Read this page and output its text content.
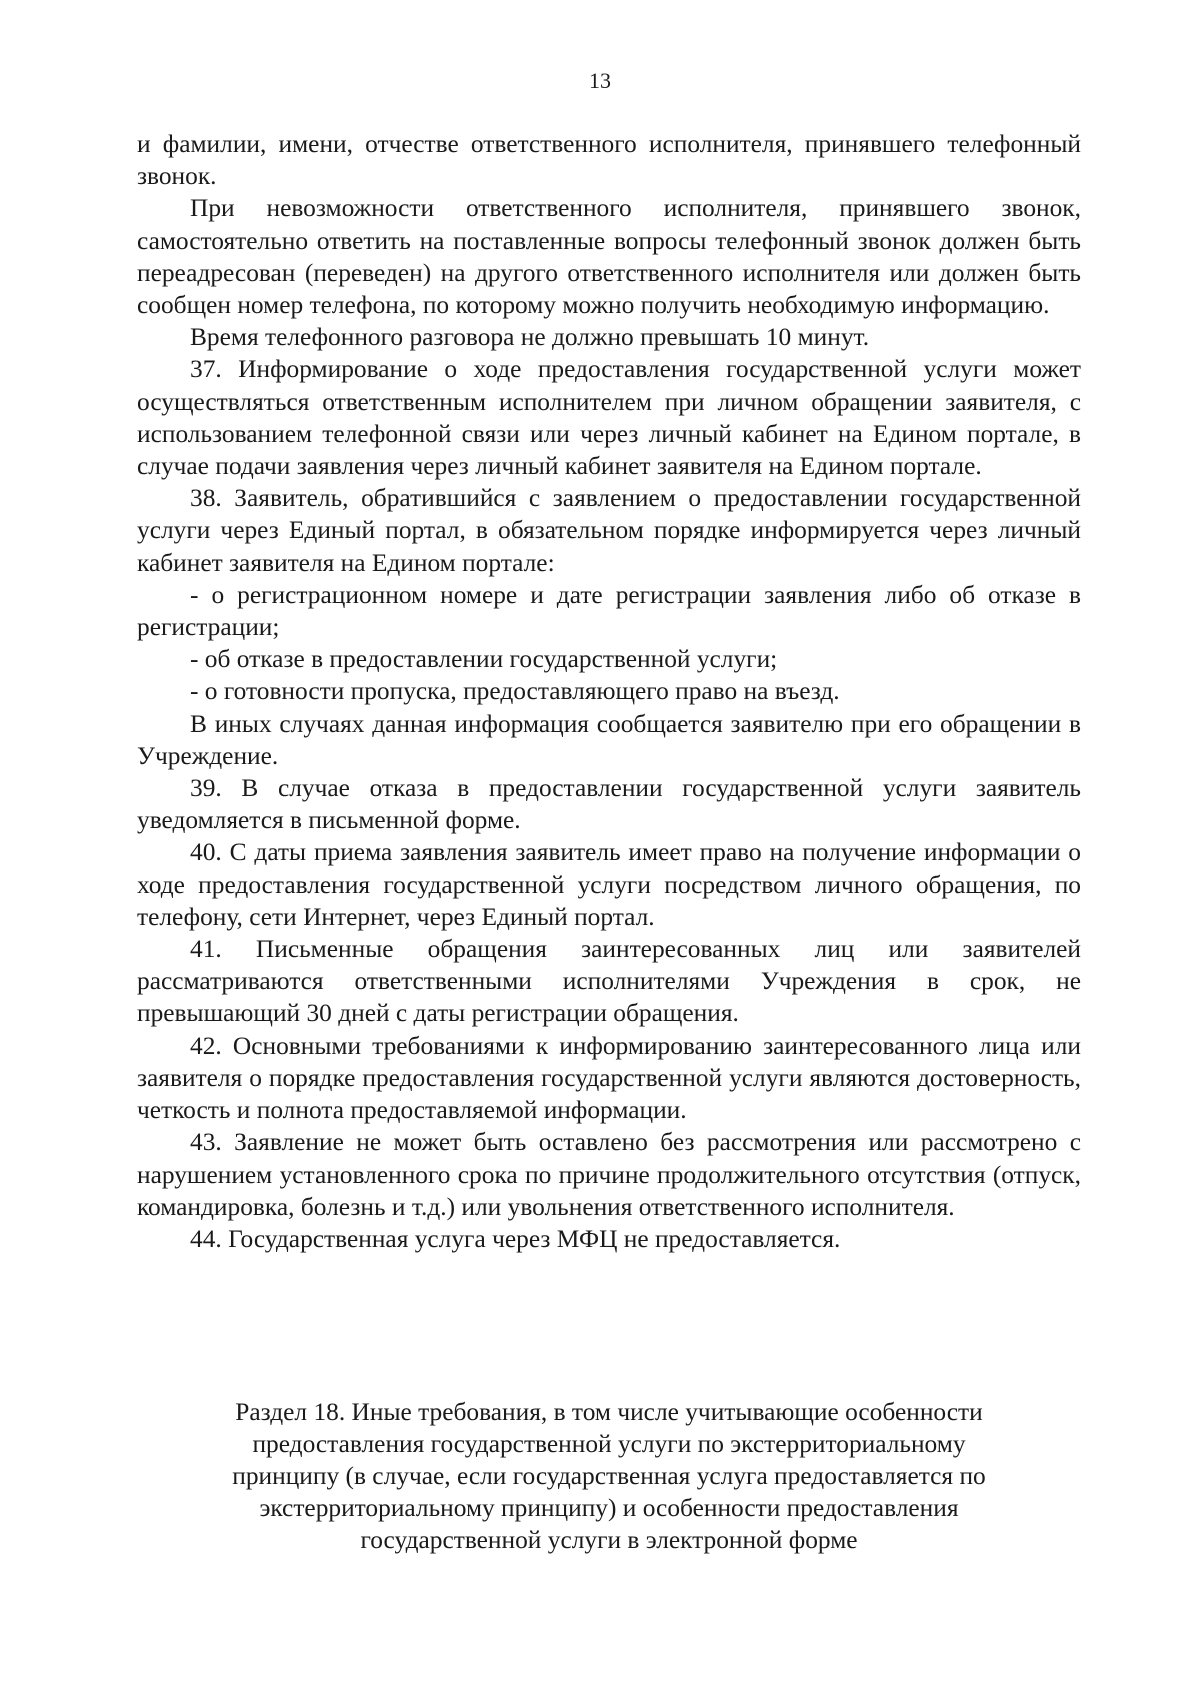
13

и фамилии, имени, отчестве ответственного исполнителя, принявшего телефонный звонок.

При невозможности ответственного исполнителя, принявшего звонок, самостоятельно ответить на поставленные вопросы телефонный звонок должен быть переадресован (переведен) на другого ответственного исполнителя или должен быть сообщен номер телефона, по которому можно получить необходимую информацию.

Время телефонного разговора не должно превышать 10 минут.

37. Информирование о ходе предоставления государственной услуги может осуществляться ответственным исполнителем при личном обращении заявителя, с использованием телефонной связи или через личный кабинет на Едином портале, в случае подачи заявления через личный кабинет заявителя на Едином портале.

38. Заявитель, обратившийся с заявлением о предоставлении государственной услуги через Единый портал, в обязательном порядке информируется через личный кабинет заявителя на Едином портале:

- о регистрационном номере и дате регистрации заявления либо об отказе в регистрации;

- об отказе в предоставлении государственной услуги;

- о готовности пропуска, предоставляющего право на въезд.

В иных случаях данная информация сообщается заявителю при его обращении в Учреждение.

39. В случае отказа в предоставлении государственной услуги заявитель уведомляется в письменной форме.

40. С даты приема заявления заявитель имеет право на получение информации о ходе предоставления государственной услуги посредством личного обращения, по телефону, сети Интернет, через Единый портал.

41. Письменные обращения заинтересованных лиц или заявителей рассматриваются ответственными исполнителями Учреждения в срок, не превышающий 30 дней с даты регистрации обращения.

42. Основными требованиями к информированию заинтересованного лица или заявителя о порядке предоставления государственной услуги являются достоверность, четкость и полнота предоставляемой информации.

43. Заявление не может быть оставлено без рассмотрения или рассмотрено с нарушением установленного срока по причине продолжительного отсутствия (отпуск, командировка, болезнь и т.д.) или увольнения ответственного исполнителя.

44. Государственная услуга через МФЦ не предоставляется.

Раздел 18. Иные требования, в том числе учитывающие особенности
предоставления государственной услуги по экстерриториальному
принципу (в случае, если государственная услуга предоставляется по
экстерриториальному принципу) и особенности предоставления
государственной услуги в электронной форме
